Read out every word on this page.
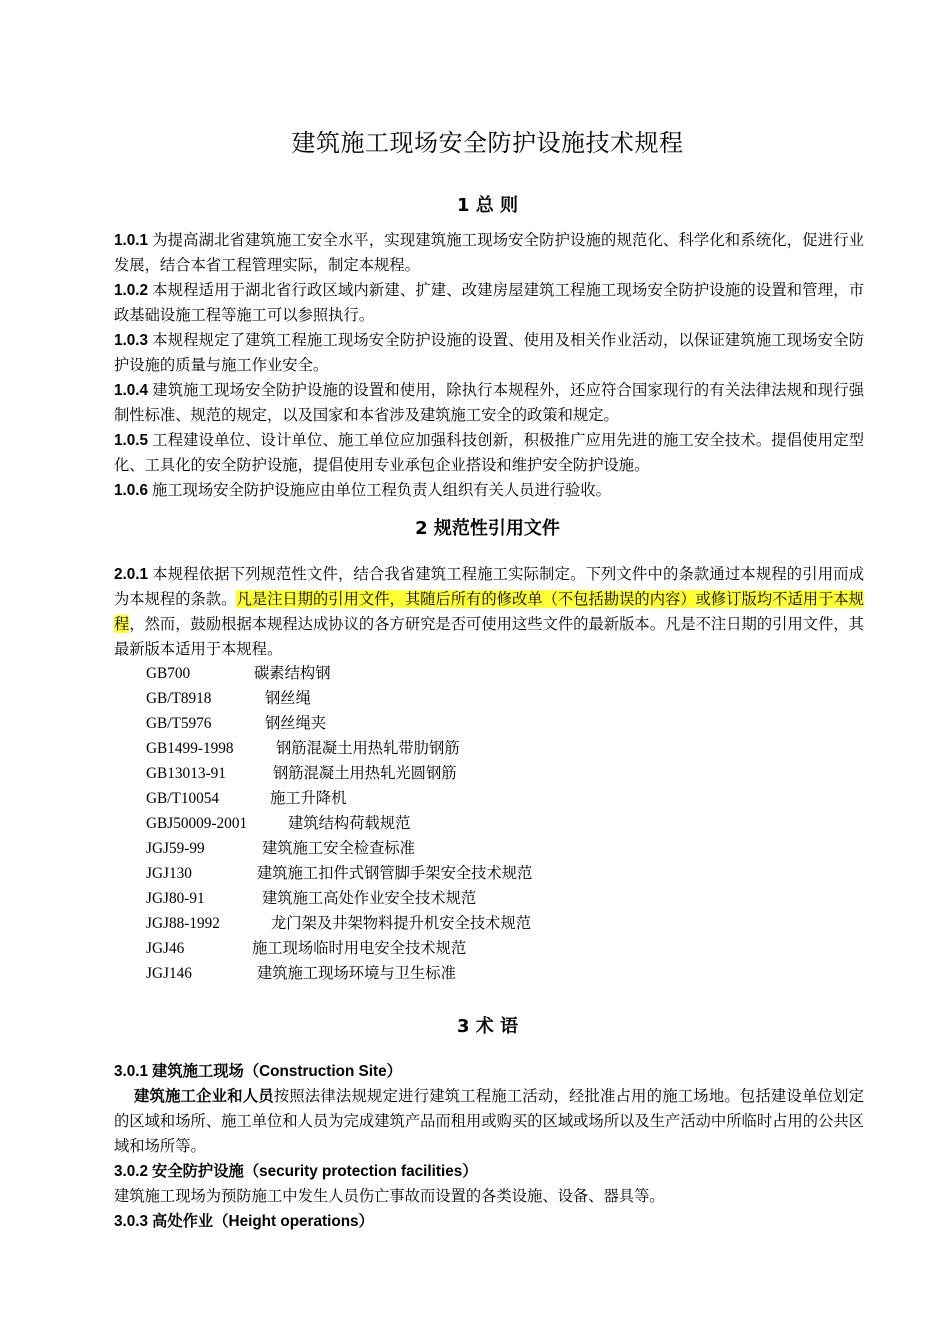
建筑施工现场安全防护设施技术规程
1 总 则

1.0.1 为提高湖北省建筑施工安全水平，实现建筑施工现场安全防护设施的规范化、科学化和系统化，促进行业发展，结合本省工程管理实际，制定本规程。

1.0.2 本规程适用于湖北省行政区域内新建、扩建、改建房屋建筑工程施工现场安全防护设施的设置和管理，市政基础设施工程等施工可以参照执行。

1.0.3 本规程规定了建筑工程施工现场安全防护设施的设置、使用及相关作业活动，以保证建筑施工现场安全防护设施的质量与施工作业安全。

1.0.4 建筑施工现场安全防护设施的设置和使用，除执行本规程外，还应符合国家现行的有关法律法规和现行强制性标准、规范的规定，以及国家和本省涉及建筑施工安全的政策和规定。

1.0.5 工程建设单位、设计单位、施工单位应加强科技创新，积极推广应用先进的施工安全技术。提倡使用定型化、工具化的安全防护设施，提倡使用专业承包企业搭设和维护安全防护设施。

1.0.6 施工现场安全防护设施应由单位工程负责人组织有关人员进行验收。

2 规范性引用文件

2.0.1 本规程依据下列规范性文件，结合我省建筑工程施工实际制定。下列文件中的条款通过本规程的引用而成为本规程的条款。凡是注日期的引用文件，其随后所有的修改单（不包括勘误的内容）或修订版均不适用于本规程，然而，鼓励根据本规程达成协议的各方研究是否可使用这些文件的最新版本。凡是不注日期的引用文件，其最新版本适用于本规程。

GB700	碳素结构钢
GB/T8918	钢丝绳
GB/T5976	钢丝绳夹
GB1499-1998	钢筋混凝土用热轧带肋钢筋
GB13013-91	钢筋混凝土用热轧光圆钢筋
GB/T10054	施工升降机
GBJ50009-2001	建筑结构荷载规范
JGJ59-99	建筑施工安全检查标准
JGJ130	建筑施工扣件式钢管脚手架安全技术规范
JGJ80-91	建筑施工高处作业安全技术规范
JGJ88-1992	龙门架及井架物料提升机安全技术规范
JGJ46	施工现场临时用电安全技术规范
JGJ146	建筑施工现场环境与卫生标准
3 术 语

3.0.1 建筑施工现场（Construction Site）

建筑施工企业和人员按照法律法规规定进行建筑工程施工活动，经批准占用的施工场地。包括建设单位划定的区域和场所、施工单位和人员为完成建筑产品而租用或购买的区域或场所以及生产活动中所临时占用的公共区域和场所等。

3.0.2 安全防护设施（security protection facilities）

建筑施工现场为预防施工中发生人员伤亡事故而设置的各类设施、设备、器具等。

3.0.3 高处作业（Height operations）
